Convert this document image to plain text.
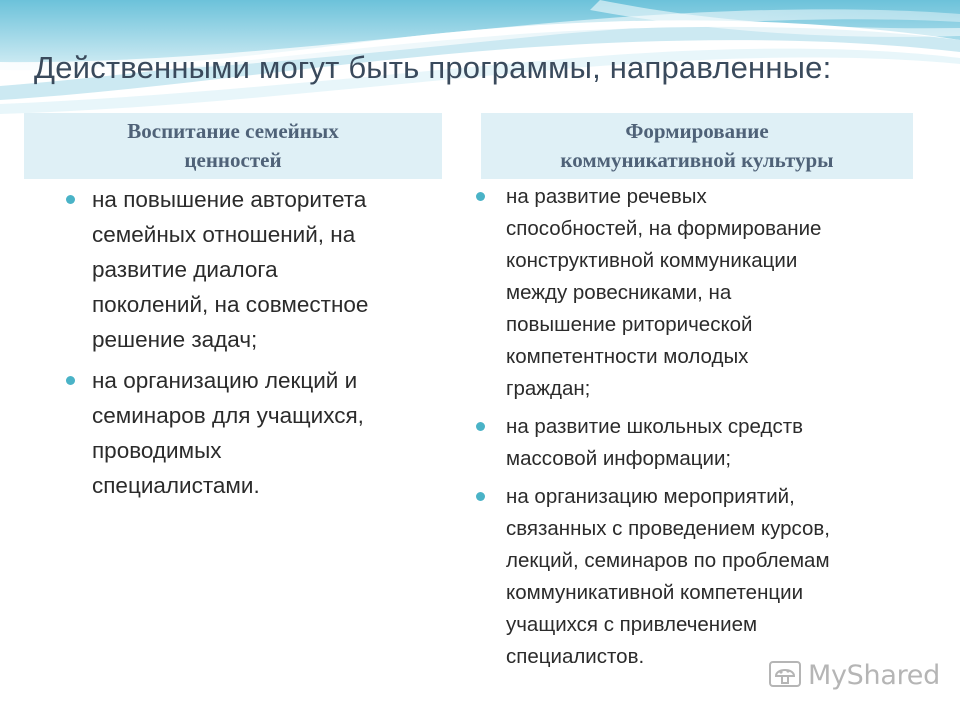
Действенными могут быть программы, направленные:
Воспитание семейных
ценностей
Формирование
коммуникативной культуры

на повышение авторитета

семейных отношений, на

развитие диалога

поколений, на совместное

решение задач;

на организацию лекций и

семинаров для учащихся,

проводимых

специалистами.

на развитие речевых

способностей, на формирование

конструктивной коммуникации

между ровесниками, на

повышение риторической

компетентности молодых

граждан;

на развитие школьных средств

массовой информации;

на организацию мероприятий,

связанных с проведением курсов,

лекций, семинаров по проблемам

коммуникативной компетенции

учащихся с привлечением

специалистов.

MyShared
